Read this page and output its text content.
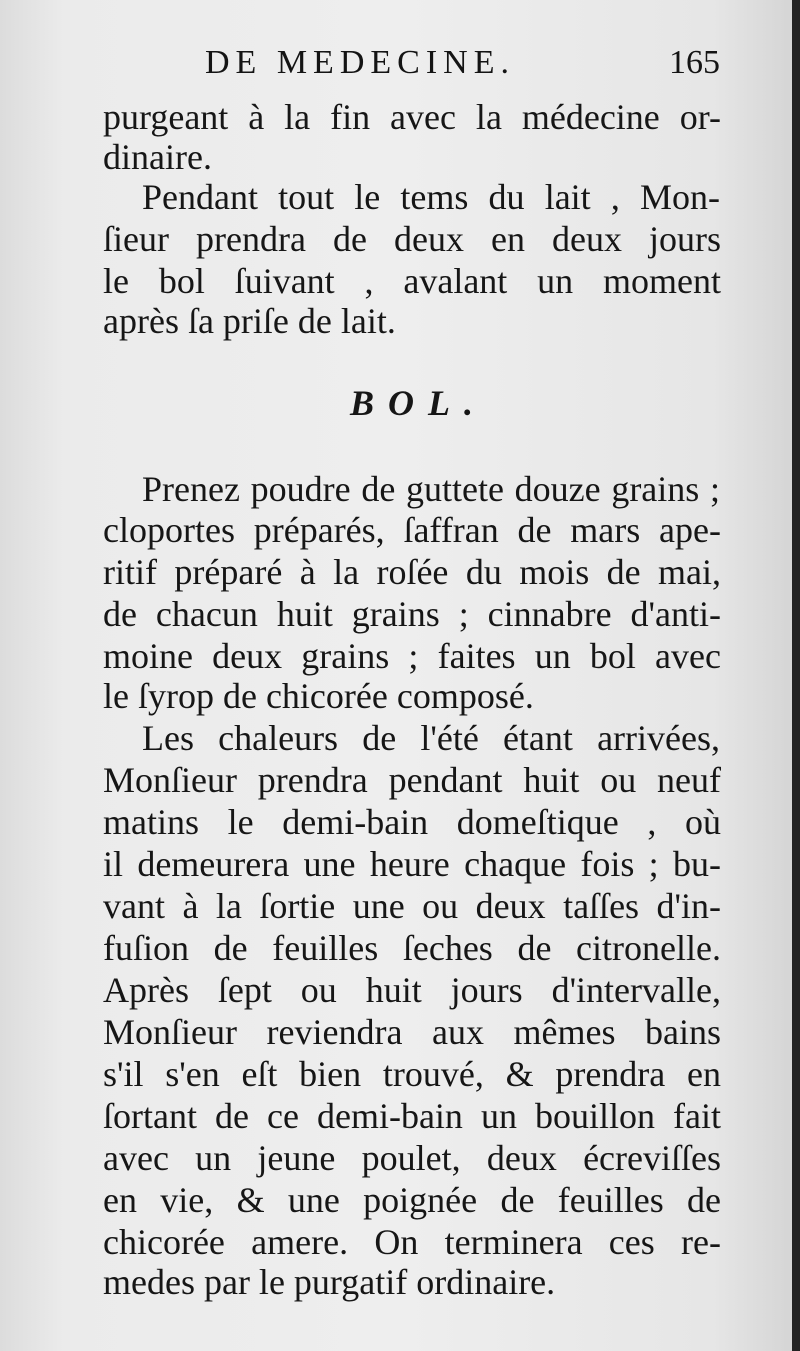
DE MEDECINE.	165
purgeant à la fin avec la médecine or-
dinaire.
Pendant tout le tems du lait , Mon-
ſieur prendra de deux en deux jours
le bol ſuivant , avalant un moment
après ſa priſe de lait.
BOL.
Prenez poudre de guttete douze grains ;
cloportes préparés, ſaffran de mars ape-
ritif préparé à la roſée du mois de mai,
de chacun huit grains ; cinnabre d'anti-
moine deux grains ; faites un bol avec
le ſyrop de chicorée composé.
Les chaleurs de l'été étant arrivées,
Monſieur prendra pendant huit ou neuf
matins le demi-bain domeſtique , où
il demeurera une heure chaque fois ; bu-
vant à la ſortie une ou deux taſſes d'in-
fuſion de feuilles ſeches de citronelle.
Après ſept ou huit jours d'intervalle,
Monſieur reviendra aux mêmes bains
s'il s'en eſt bien trouvé, & prendra en
ſortant de ce demi-bain un bouillon fait
avec un jeune poulet, deux écreviſſes
en vie, & une poignée de feuilles de
chicorée amere. On terminera ces re-
medes par le purgatif ordinaire.
